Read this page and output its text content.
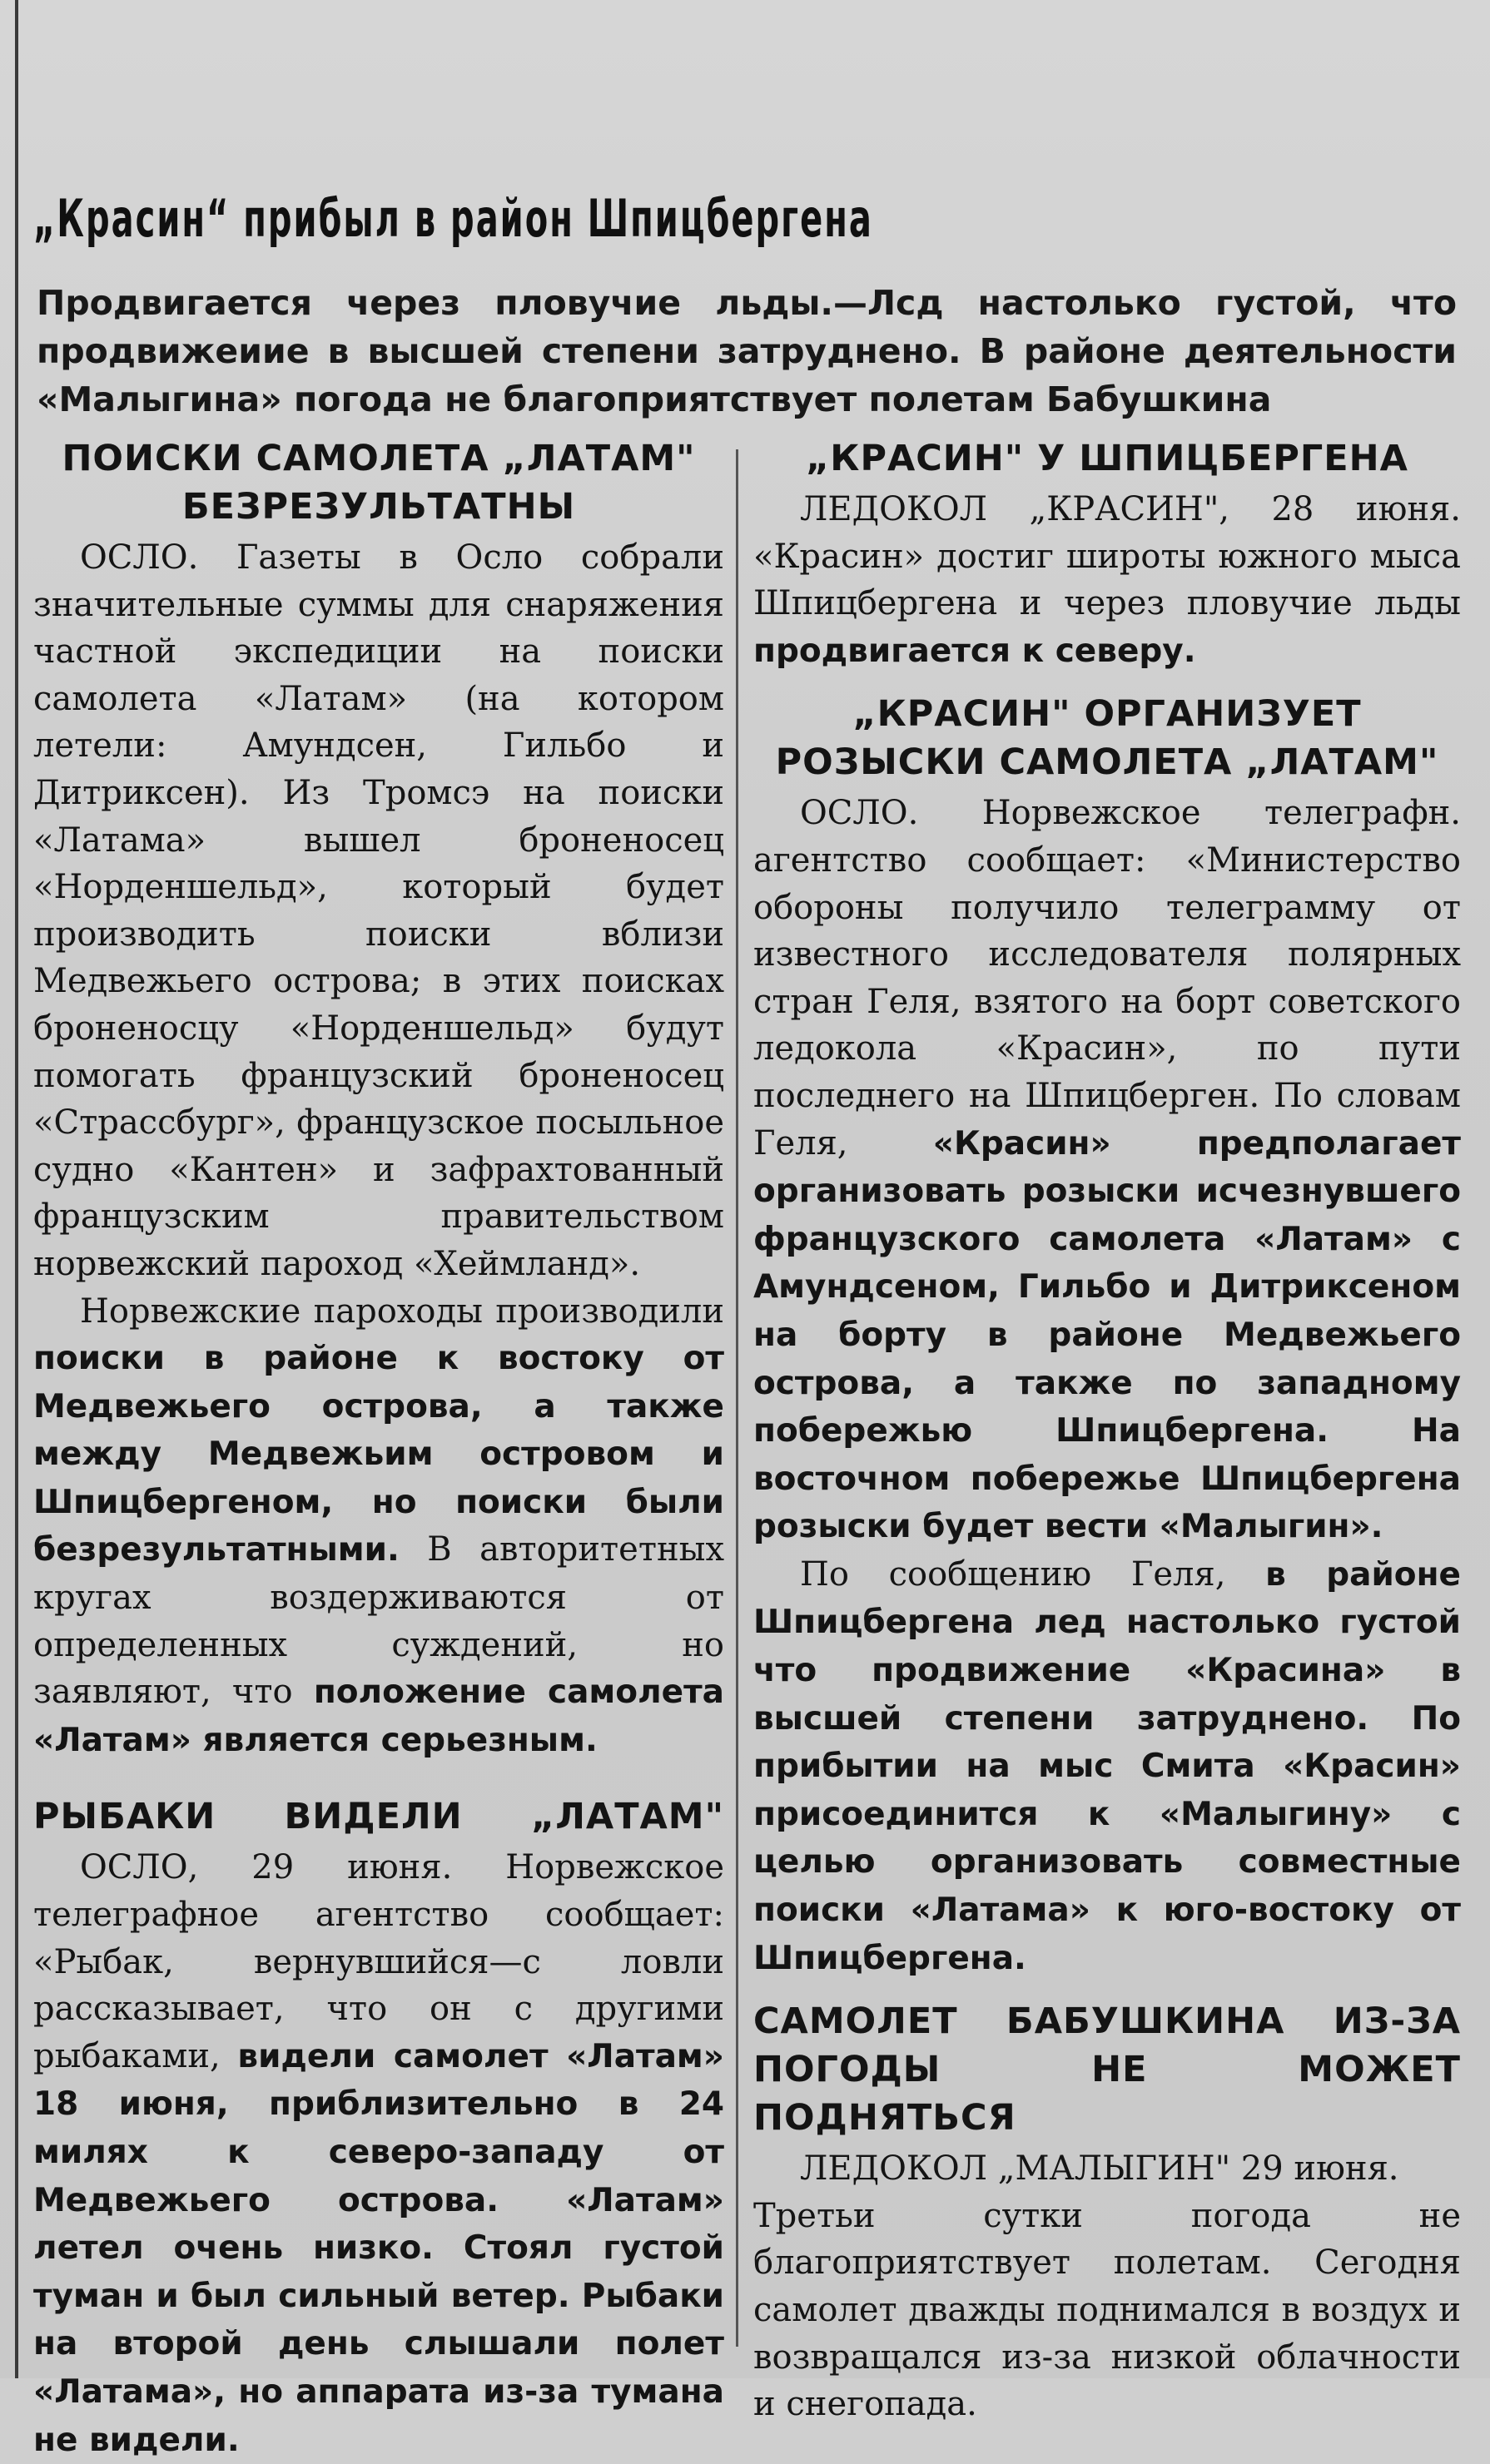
„Красин“ прибыл в район Шпицбергена
Продвигается через пловучие льды.—Лсд настолько густой, что продвижеиие в высшей степени затруднено. В районе деятельности «Малыгина» погода не благоприятствует полетам Бабушкина
ПОИСКИ САМОЛЕТА „ЛАТАМ" БЕЗРЕЗУЛЬТАТНЫ

ОСЛО. Газеты в Осло собрали значительные суммы для снаряжения частной экспедиции на поиски самолета «Латам» (на котором летели: Амундсен, Гильбо и Дитриксен). Из Тромсэ на поиски «Латама» вышел броненосец «Норденшельд», который будет производить поиски вблизи Медвежьего острова; в этих поисках броненосцу «Норденшельд» будут помогать французский броненосец «Страссбург», французское посыльное судно «Кантен» и зафрахтованный французским правительством норвежский пароход «Хеймланд».

Норвежские пароходы производили поиски в районе к востоку от Медвежьего острова, а также между Медвежьим островом и Шпицбергеном, но поиски были безрезультатными. В авторитетных кругах воздерживаются от определенных суждений, но заявляют, что положение самолета «Латам» является серьезным.

РЫБАКИ ВИДЕЛИ „ЛАТАМ"

ОСЛО, 29 июня. Норвежское телеграфное агентство сообщает: «Рыбак, вернувшийся—с ловли рассказывает, что он с другими рыбаками, видели самолет «Латам» 18 июня, приблизительно в 24 милях к северо-западу от Медвежьего острова. «Латам» летел очень низко. Стоял густой туман и был сильный ветер. Рыбаки на второй день слышали полет «Латама», но аппарата из-за тумана не видели.

„КРАСИН" У ШПИЦБЕРГЕНА

ЛЕДОКОЛ „КРАСИН", 28 июня. «Красин» достиг широты южного мыса Шпицбергена и через пловучие льды продвигается к северу.

„КРАСИН" ОРГАНИЗУЕТ РОЗЫСКИ САМОЛЕТА „ЛАТАМ"

ОСЛО. Норвежское телеграфн. агентство сообщает: «Министерство обороны получило телеграмму от известного исследователя полярных стран Геля, взятого на борт советского ледокола «Красин», по пути последнего на Шпицберген. По словам Геля,	«Красин» предполагает организовать розыски исчезнувшего французского самолета «Латам» с Амундсеном, Гильбо и Дитриксеном на борту в районе Медвежьего острова, а также по западному побережью Шпицбергена. На восточном побережье Шпицбергена розыски будет вести «Малыгин».

По сообщению Геля, в районе Шпицбергена лед настолько густой что продвижение «Красина» в высшей степени затруднено. По прибытии на мыс Смита «Красин» присоединится к «Малыгину» с целью организовать совместные поиски «Латама» к юго-востоку от Шпицбергена.

САМОЛЕТ БАБУШКИНА ИЗ-ЗА ПОГОДЫ НЕ МОЖЕТ ПОДНЯТЬСЯ

ЛЕДОКОЛ „МАЛЫГИН" 29 июня.

Третьи сутки погода не благоприятствует полетам. Сегодня самолет дважды поднимался в воздух и возвращался из-за низкой облачности и снегопада.
